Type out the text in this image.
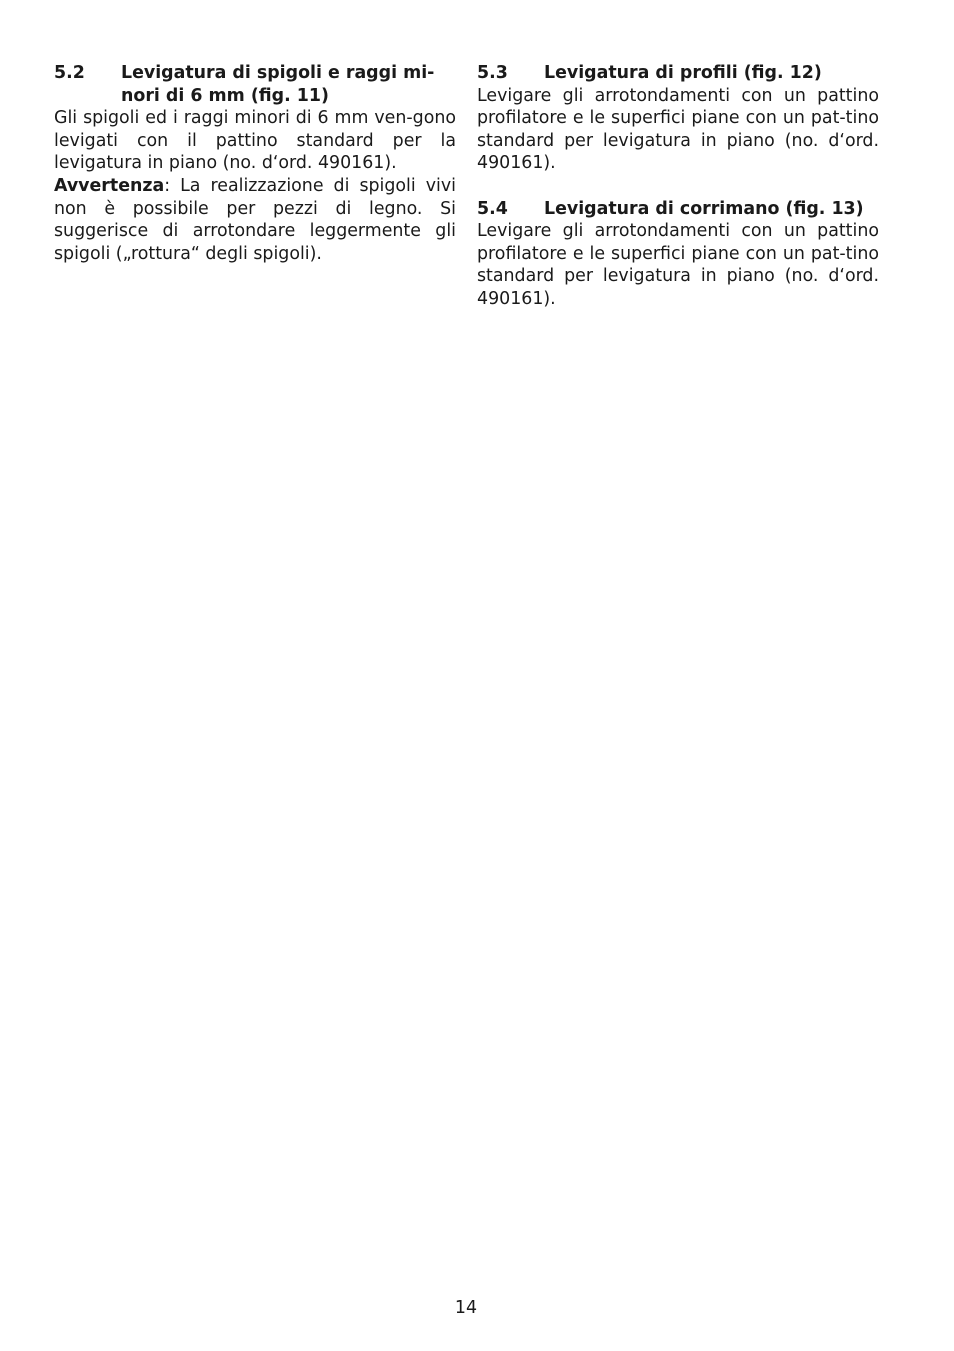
5.2	Levigatura di spigoli e raggi mi-
nori di 6 mm (fig. 11)

Gli spigoli ed i raggi minori di 6 mm ven-gono levigati con il pattino standard per la levigatura in piano (no. d‘ord. 490161).

Avvertenza: La realizzazione di spigoli vivi non è possibile per pezzi di legno. Si suggerisce di arrotondare leggermente gli spigoli („rottura“ degli spigoli).

5.3	Levigatura di profili (fig. 12)

Levigare gli arrotondamenti con un pattino profilatore e le superfici piane con un pat-tino standard per levigatura in piano (no. d‘ord. 490161).

5.4	Levigatura di corrimano (fig. 13)

Levigare gli arrotondamenti con un pattino profilatore e le superfici piane con un pat-tino standard per levigatura in piano (no. d‘ord. 490161).

14
